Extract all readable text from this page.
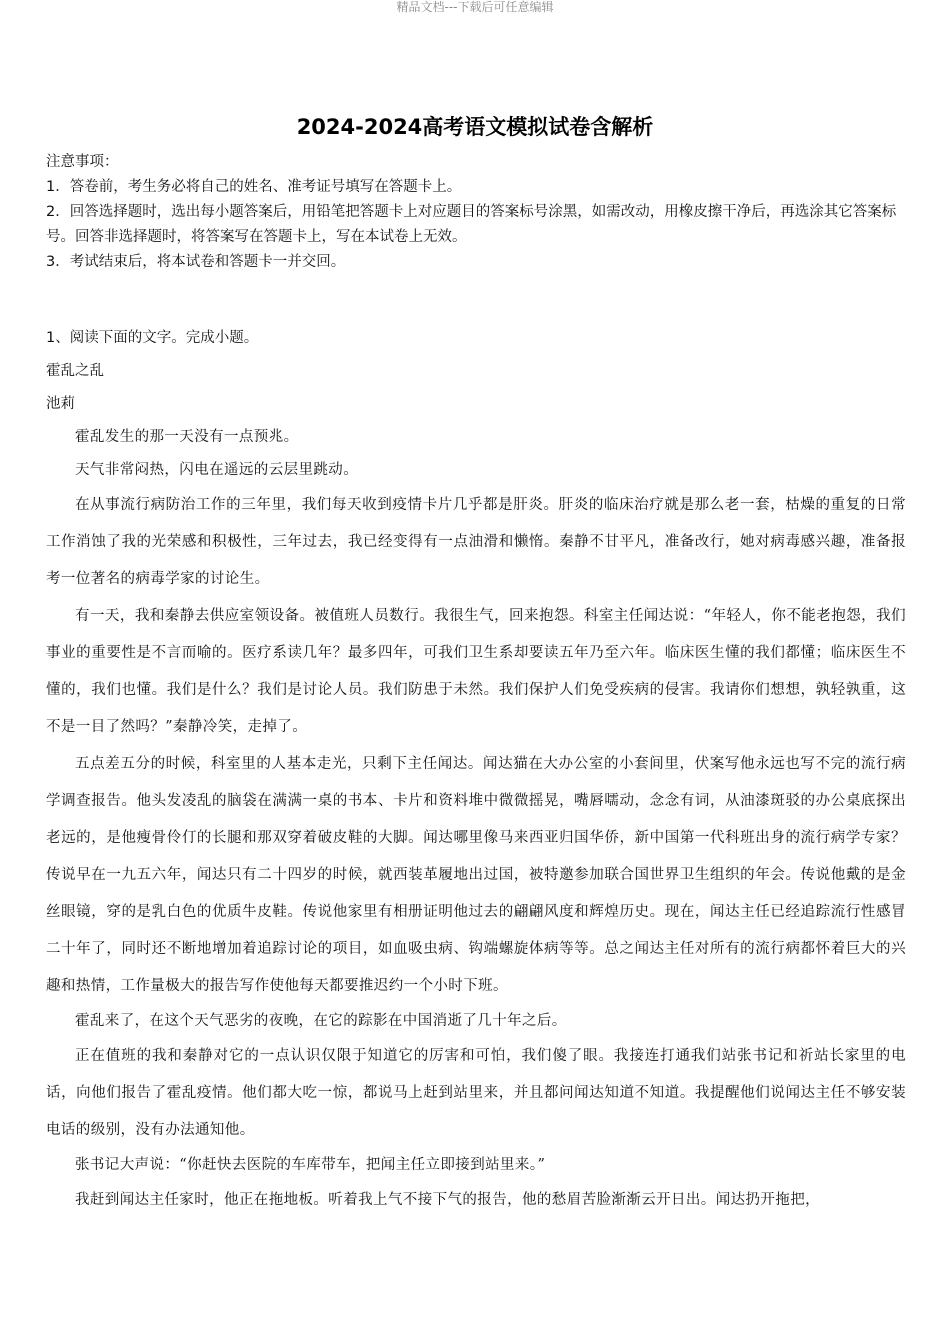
精品文档---下载后可任意编辑
2024-2024高考语文模拟试卷含解析
注意事项：
1．答卷前，考生务必将自己的姓名、准考证号填写在答题卡上。
2．回答选择题时，选出每小题答案后，用铅笔把答题卡上对应题目的答案标号涂黑，如需改动，用橡皮擦干净后，再选涂其它答案标号。回答非选择题时，将答案写在答题卡上，写在本试卷上无效。
3．考试结束后，将本试卷和答题卡一并交回。

1、阅读下面的文字。完成小题。

霍乱之乱

池莉

霍乱发生的那一天没有一点预兆。

天气非常闷热，闪电在遥远的云层里跳动。

在从事流行病防治工作的三年里，我们每天收到疫情卡片几乎都是肝炎。肝炎的临床治疗就是那么老一套，枯燥的重复的日常工作消蚀了我的光荣感和积极性，三年过去，我已经变得有一点油滑和懒惰。秦静不甘平凡，准备改行，她对病毒感兴趣，准备报考一位著名的病毒学家的讨论生。

有一天，我和秦静去供应室领设备。被值班人员数行。我很生气，回来抱怨。科室主任闻达说：“年轻人，你不能老抱怨，我们事业的重要性是不言而喻的。医疗系读几年？最多四年，可我们卫生系却要读五年乃至六年。临床医生懂的我们都懂；临床医生不懂的，我们也懂。我们是什么？我们是讨论人员。我们防患于未然。我们保护人们免受疾病的侵害。我请你们想想，孰轻孰重，这不是一目了然吗？”秦静冷笑，走掉了。

五点差五分的时候，科室里的人基本走光，只剩下主任闻达。闻达猫在大办公室的小套间里，伏案写他永远也写不完的流行病学调查报告。他头发凌乱的脑袋在满满一桌的书本、卡片和资料堆中微微摇晃，嘴唇嚅动，念念有词，从油漆斑驳的办公桌底探出老远的，是他瘦骨伶仃的长腿和那双穿着破皮鞋的大脚。闻达哪里像马来西亚归国华侨，新中国第一代科班出身的流行病学专家？传说早在一九五六年，闻达只有二十四岁的时候，就西装革履地出过国，被特邀参加联合国世界卫生组织的年会。传说他戴的是金丝眼镜，穿的是乳白色的优质牛皮鞋。传说他家里有相册证明他过去的翩翩风度和辉煌历史。现在，闻达主任已经追踪流行性感冒二十年了，同时还不断地增加着追踪讨论的项目，如血吸虫病、钩端螺旋体病等等。总之闻达主任对所有的流行病都怀着巨大的兴趣和热情，工作量极大的报告写作使他每天都要推迟约一个小时下班。

霍乱来了，在这个天气恶劣的夜晚，在它的踪影在中国消逝了几十年之后。

正在值班的我和秦静对它的一点认识仅限于知道它的厉害和可怕，我们傻了眼。我接连打通我们站张书记和祈站长家里的电话，向他们报告了霍乱疫情。他们都大吃一惊，都说马上赶到站里来，并且都问闻达知道不知道。我提醒他们说闻达主任不够安装电话的级别，没有办法通知他。

张书记大声说：“你赶快去医院的车库带车，把闻主任立即接到站里来。”

我赶到闻达主任家时，他正在拖地板。听着我上气不接下气的报告，他的愁眉苦脸渐渐云开日出。闻达扔开拖把，
